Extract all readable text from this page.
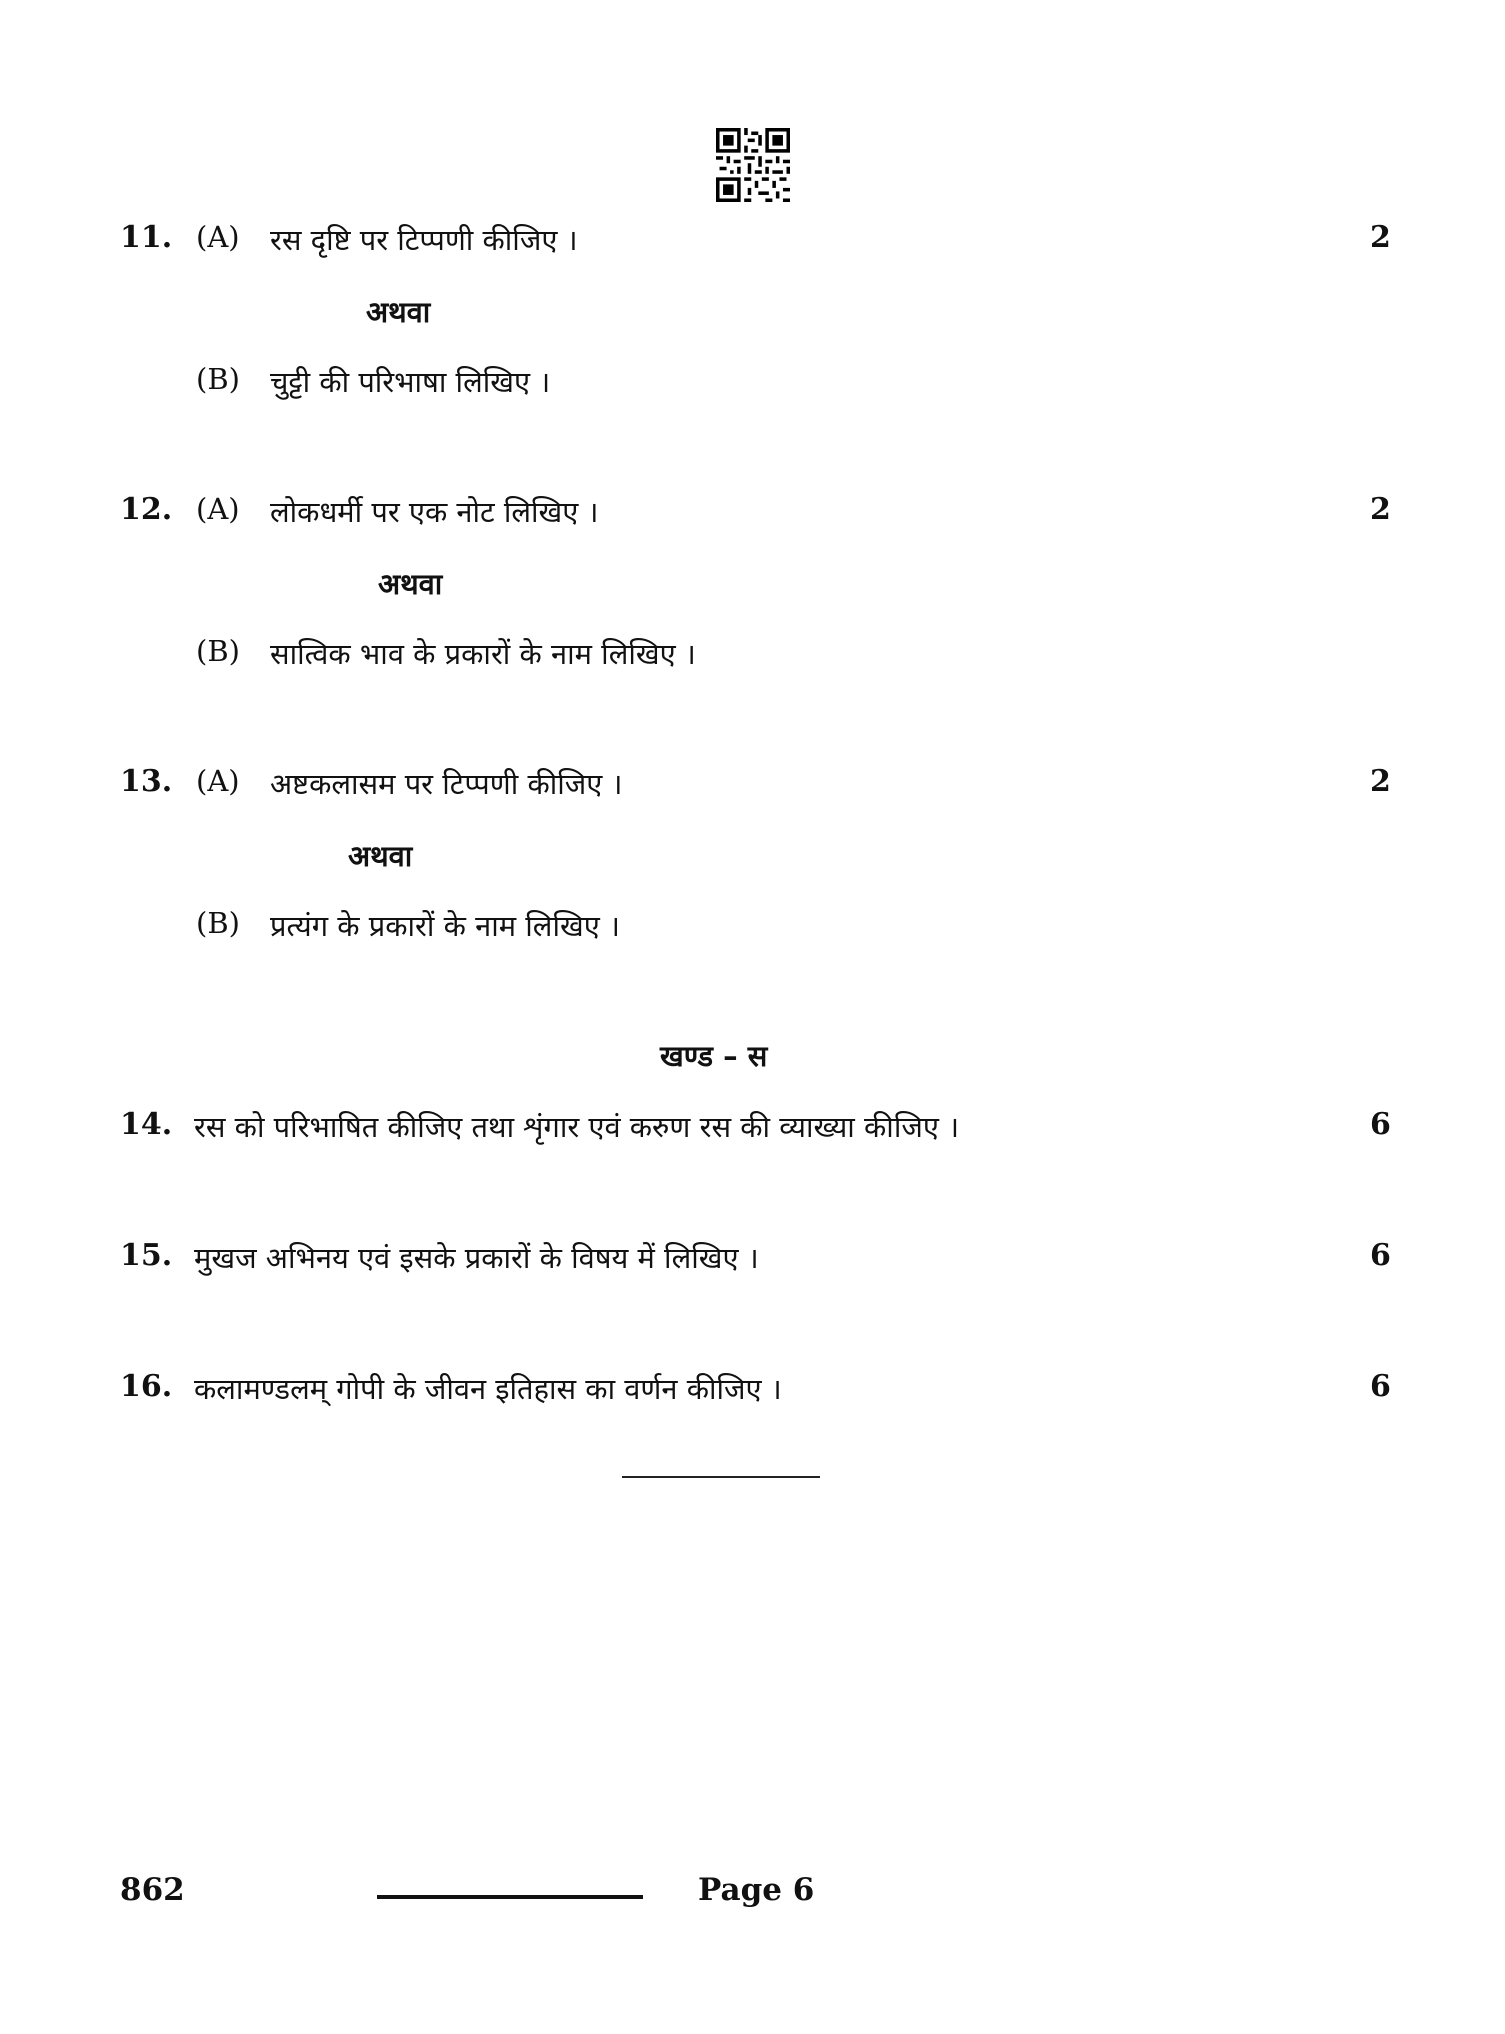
11. (A) रस दृष्टि पर टिप्पणी कीजिए ।	2
अथवा
(B) चुट्टी की परिभाषा लिखिए ।
12. (A) लोकधर्मी पर एक नोट लिखिए ।	2
अथवा
(B) सात्विक भाव के प्रकारों के नाम लिखिए ।
13. (A) अष्टकलासम पर टिप्पणी कीजिए ।	2
अथवा
(B) प्रत्यंग के प्रकारों के नाम लिखिए ।
खण्ड – स
14. रस को परिभाषित कीजिए तथा शृंगार एवं करुण रस की व्याख्या कीजिए ।	6
15. मुखज अभिनय एवं इसके प्रकारों के विषय में लिखिए ।	6
16. कलामण्डलम् गोपी के जीवन इतिहास का वर्णन कीजिए ।	6
862	Page 6
